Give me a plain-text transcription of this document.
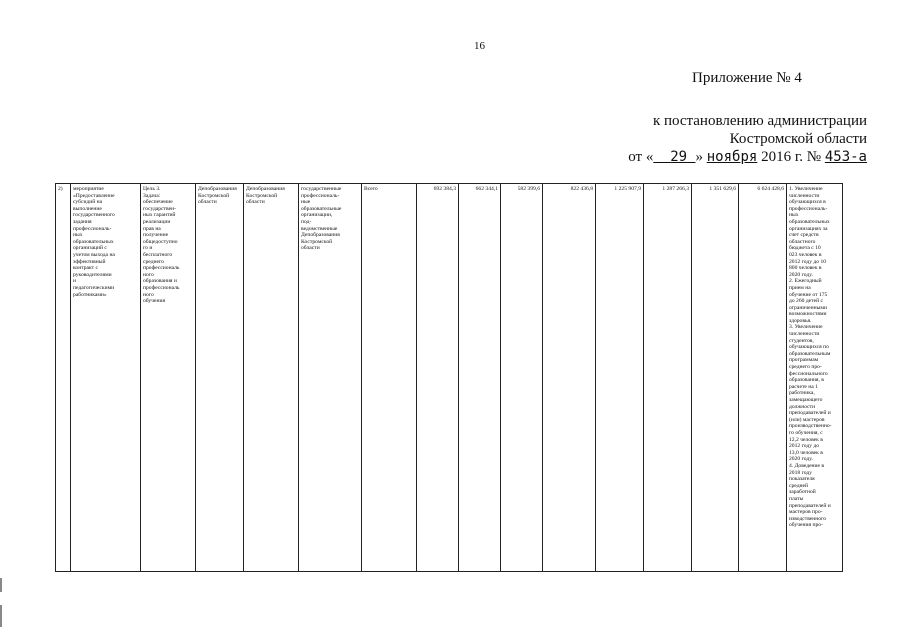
16
Приложение № 4
к постановлению администрации
Костромской области
от « 29 » ноября 2016 г. № 453-а
2)	мероприятие
«Предоставление
субсидий на
выполнение
государственного
задания
профессиональ-
ных
образовательных
организаций с
учетом выхода на
эффективный
контракт с
руководителями
и
педагогическими
работниками»	Цель 3.
Задача:
обеспечение
государствен-
ных гарантий
реализации
прав на
получение
общедоступно
го и
бесплатного
среднего
профессиональ
ного
образования и
профессиональ
ного
обучения	Депобразования
Костромской
области	Депобразования
Костромской
области	государственные
профессиональ-
ные
образовательные
организации,
под-
ведомственные
Депобразования
Костромской
области	Всего	692 384,3	662 344,1	582 399,6	822 436,8	1 225 907,9	1 287 266,3	1 351 629,6	6 624 428,6	1. Увеличение
численности
обучающихся в
профессиональ-
ных
образовательных
организациях за
счет средств
областного
бюджета с 10
023 человек в
2012 году до 10
800 человек в
2020 году.
2. Ежегодный
прием на
обучение от 175
до 260 детей с
ограниченными
возможностями
здоровья.
3. Увеличение
численности
студентов,
обучающихся по
образовательным
программам
среднего про-
фессионального
образования, в
расчете на 1
работника,
замещающего
должности
преподавателей и
(или) мастеров
производственно-
го обучения, с
12,2 человек в
2012 году до
13,0 человек в
2020 году.
4. Доведение в
2018 году
показателя
средней
заработной
платы
преподавателей и
мастеров про-
изводственного
обучения про-
